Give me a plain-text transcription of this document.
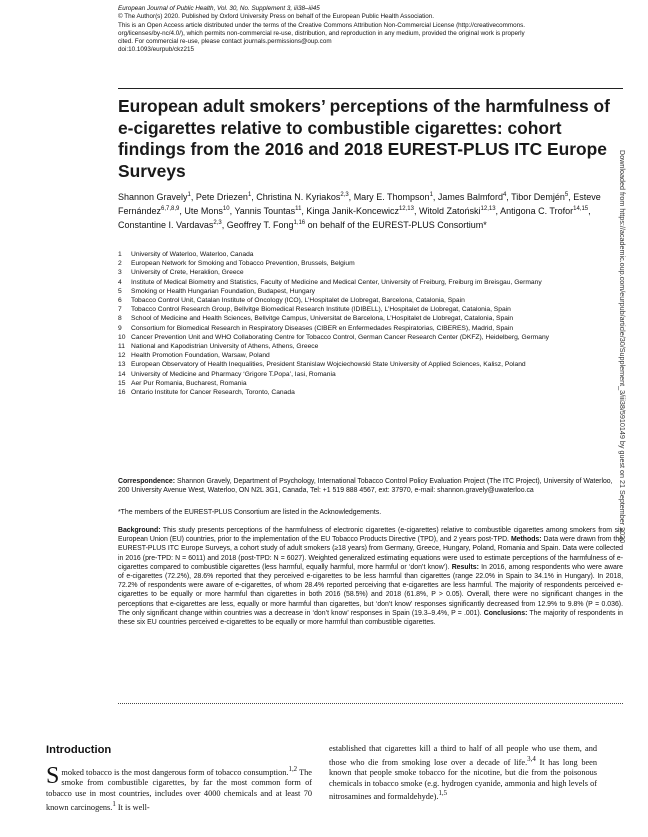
European Journal of Public Health, Vol. 30, No. Supplement 3, iii38–iii45
© The Author(s) 2020. Published by Oxford University Press on behalf of the European Public Health Association.
This is an Open Access article distributed under the terms of the Creative Commons Attribution Non-Commercial License (http://creativecommons.
org/licenses/by-nc/4.0/), which permits non-commercial re-use, distribution, and reproduction in any medium, provided the original work is properly
cited. For commercial re-use, please contact journals.permissions@oup.com
doi:10.1093/eurpub/ckz215
European adult smokers’ perceptions of the harmfulness of e-cigarettes relative to combustible cigarettes: cohort findings from the 2016 and 2018 EUREST-PLUS ITC Europe Surveys
Shannon Gravely$^1$, Pete Driezen$^1$, Christina N. Kyriakos$^{2,3}$, Mary E. Thompson$^1$, James Balmford$^4$, Tibor Demjén$^5$, Esteve Fernández$^{6,7,8,9}$, Ute Mons$^{10}$, Yannis Tountas$^{11}$, Kinga Janik-Koncewicz$^{12,13}$, Witold Zatoński$^{12,13}$, Antigona C. Trofor$^{14,15}$, Constantine I. Vardavas$^{2,3}$, Geoffrey T. Fong$^{1,16}$ on behalf of the EUREST-PLUS Consortium*
1	University of Waterloo, Waterloo, Canada
2	European Network for Smoking and Tobacco Prevention, Brussels, Belgium
3	University of Crete, Heraklion, Greece
4	Institute of Medical Biometry and Statistics, Faculty of Medicine and Medical Center, University of Freiburg, Freiburg im Breisgau, Germany
5	Smoking or Health Hungarian Foundation, Budapest, Hungary
6	Tobacco Control Unit, Catalan Institute of Oncology (ICO), L’Hospitalet de Llobregat, Barcelona, Catalonia, Spain
7	Tobacco Control Research Group, Bellvitge Biomedical Research Institute (IDIBELL), L’Hospitalet de Llobregat, Catalonia, Spain
8	School of Medicine and Health Sciences, Bellvitge Campus, Universitat de Barcelona, L’Hospitalet de Llobregat, Catalonia, Spain
9	Consortium for Biomedical Research in Respiratory Diseases (CIBER en Enfermedades Respiratorias, CIBERES), Madrid, Spain
10 Cancer Prevention Unit and WHO Collaborating Centre for Tobacco Control, German Cancer Research Center (DKFZ), Heidelberg, Germany
11 National and Kapodistrian University of Athens, Athens, Greece
12 Health Promotion Foundation, Warsaw, Poland
13 European Observatory of Health Inequalities, President Stanislaw Wojciechowski State University of Applied Sciences, Kalisz, Poland
14 University of Medicine and Pharmacy ‘Grigore T.Popa’, Iasi, Romania
15 Aer Pur Romania, Bucharest, Romania
16 Ontario Institute for Cancer Research, Toronto, Canada
Correspondence: Shannon Gravely, Department of Psychology, International Tobacco Control Policy Evaluation Project (The ITC Project), University of Waterloo, 200 University Avenue West, Waterloo, ON N2L 3G1, Canada, Tel: +1 519 888 4567, ext: 37970, e-mail: shannon.gravely@uwaterloo.ca
*The members of the EUREST-PLUS Consortium are listed in the Acknowledgements.
Background: This study presents perceptions of the harmfulness of electronic cigarettes (e-cigarettes) relative to combustible cigarettes among smokers from six European Union (EU) countries, prior to the implementation of the EU Tobacco Products Directive (TPD), and 2 years post-TPD. Methods: Data were drawn from the EUREST-PLUS ITC Europe Surveys, a cohort study of adult smokers (≥18 years) from Germany, Greece, Hungary, Poland, Romania and Spain. Data were collected in 2016 (pre-TPD: N = 6011) and 2018 (post-TPD: N = 6027). Weighted generalized estimating equations were used to estimate perceptions of the harmfulness of e-cigarettes compared to combustible cigarettes (less harmful, equally harmful, more harmful or ‘don’t know’). Results: In 2016, among respondents who were aware of e-cigarettes (72.2%), 28.6% reported that they perceived e-cigarettes to be less harmful than cigarettes (range 22.0% in Spain to 34.1% in Hungary). In 2018, 72.2% of respondents were aware of e-cigarettes, of whom 28.4% reported perceiving that e-cigarettes are less harmful. The majority of respondents perceived e-cigarettes to be equally or more harmful than cigarettes in both 2016 (58.5%) and 2018 (61.8%, P > 0.05). Overall, there were no significant changes in the perceptions that e-cigarettes are less, equally or more harmful than cigarettes, but ‘don’t know’ responses significantly decreased from 12.9% to 9.8% (P = 0.036). The only significant change within countries was a decrease in ‘don’t know’ responses in Spain (19.3–9.4%, P = .001). Conclusions: The majority of respondents in these six EU countries perceived e-cigarettes to be equally or more harmful than combustible cigarettes.
Downloaded from https://academic.oup.com/eurpub/article/30/Supplement_3/iii38/5910149 by guest on 21 September 2020
Introduction
Smoked tobacco is the most dangerous form of tobacco consumption.$^{1,2}$ The smoke from combustible cigarettes, by far the most common form of tobacco use in most countries, includes over 4000 chemicals and at least 70 known carcinogens.$^1$ It is well-
established that cigarettes kill a third to half of all people who use them, and those who die from smoking lose over a decade of life.$^{3,4}$ It has long been known that people smoke tobacco for the nicotine, but die from the poisonous chemicals in tobacco smoke (e.g. hydrogen cyanide, ammonia and high levels of nitrosamines and formaldehyde).$^{1,5}$
